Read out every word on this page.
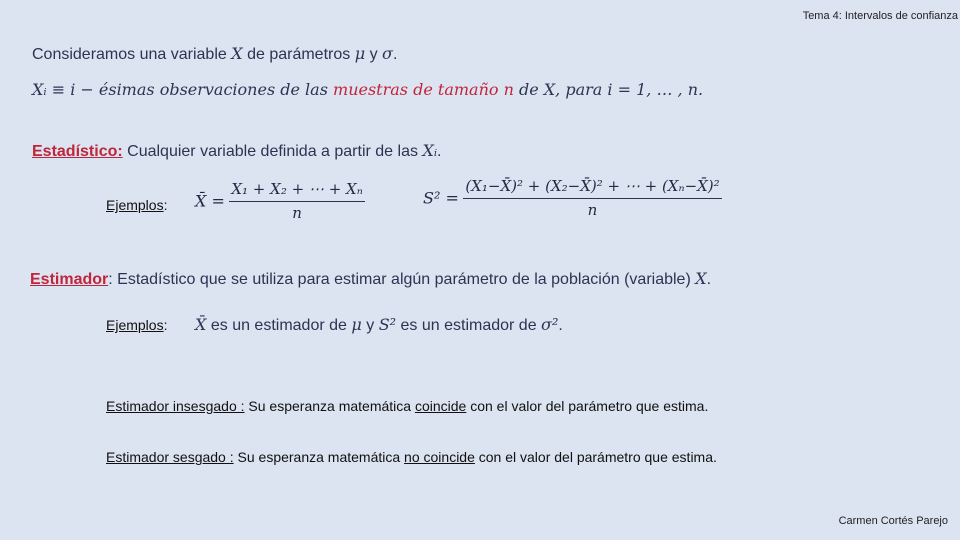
Tema 4: Intervalos de confianza
Consideramos una variable X de parámetros μ y σ.
Xᵢ ≡ i − ésimas observaciones de las muestras de tamaño n de X, para i = 1, … , n.
Estadístico: Cualquier variable definida a partir de las Xᵢ.
Ejemplos: X̄ = $\frac{\text{X₁ + X₂ + ⋯ + Xₙ}}{n}$	$S^2 = \frac{\text{(X₁−X̄)² + (X₂−X̄)² + ⋯ + (Xₙ−X̄)²}}{n}$
Estimador: Estadístico que se utiliza para estimar algún parámetro de la población (variable) X.
Ejemplos: X̄ es un estimador de μ y S² es un estimador de σ².
Estimador insesgado : Su esperanza matemática coincide con el valor del parámetro que estima.
Estimador sesgado : Su esperanza matemática no coincide con el valor del parámetro que estima.
Carmen Cortés Parejo
